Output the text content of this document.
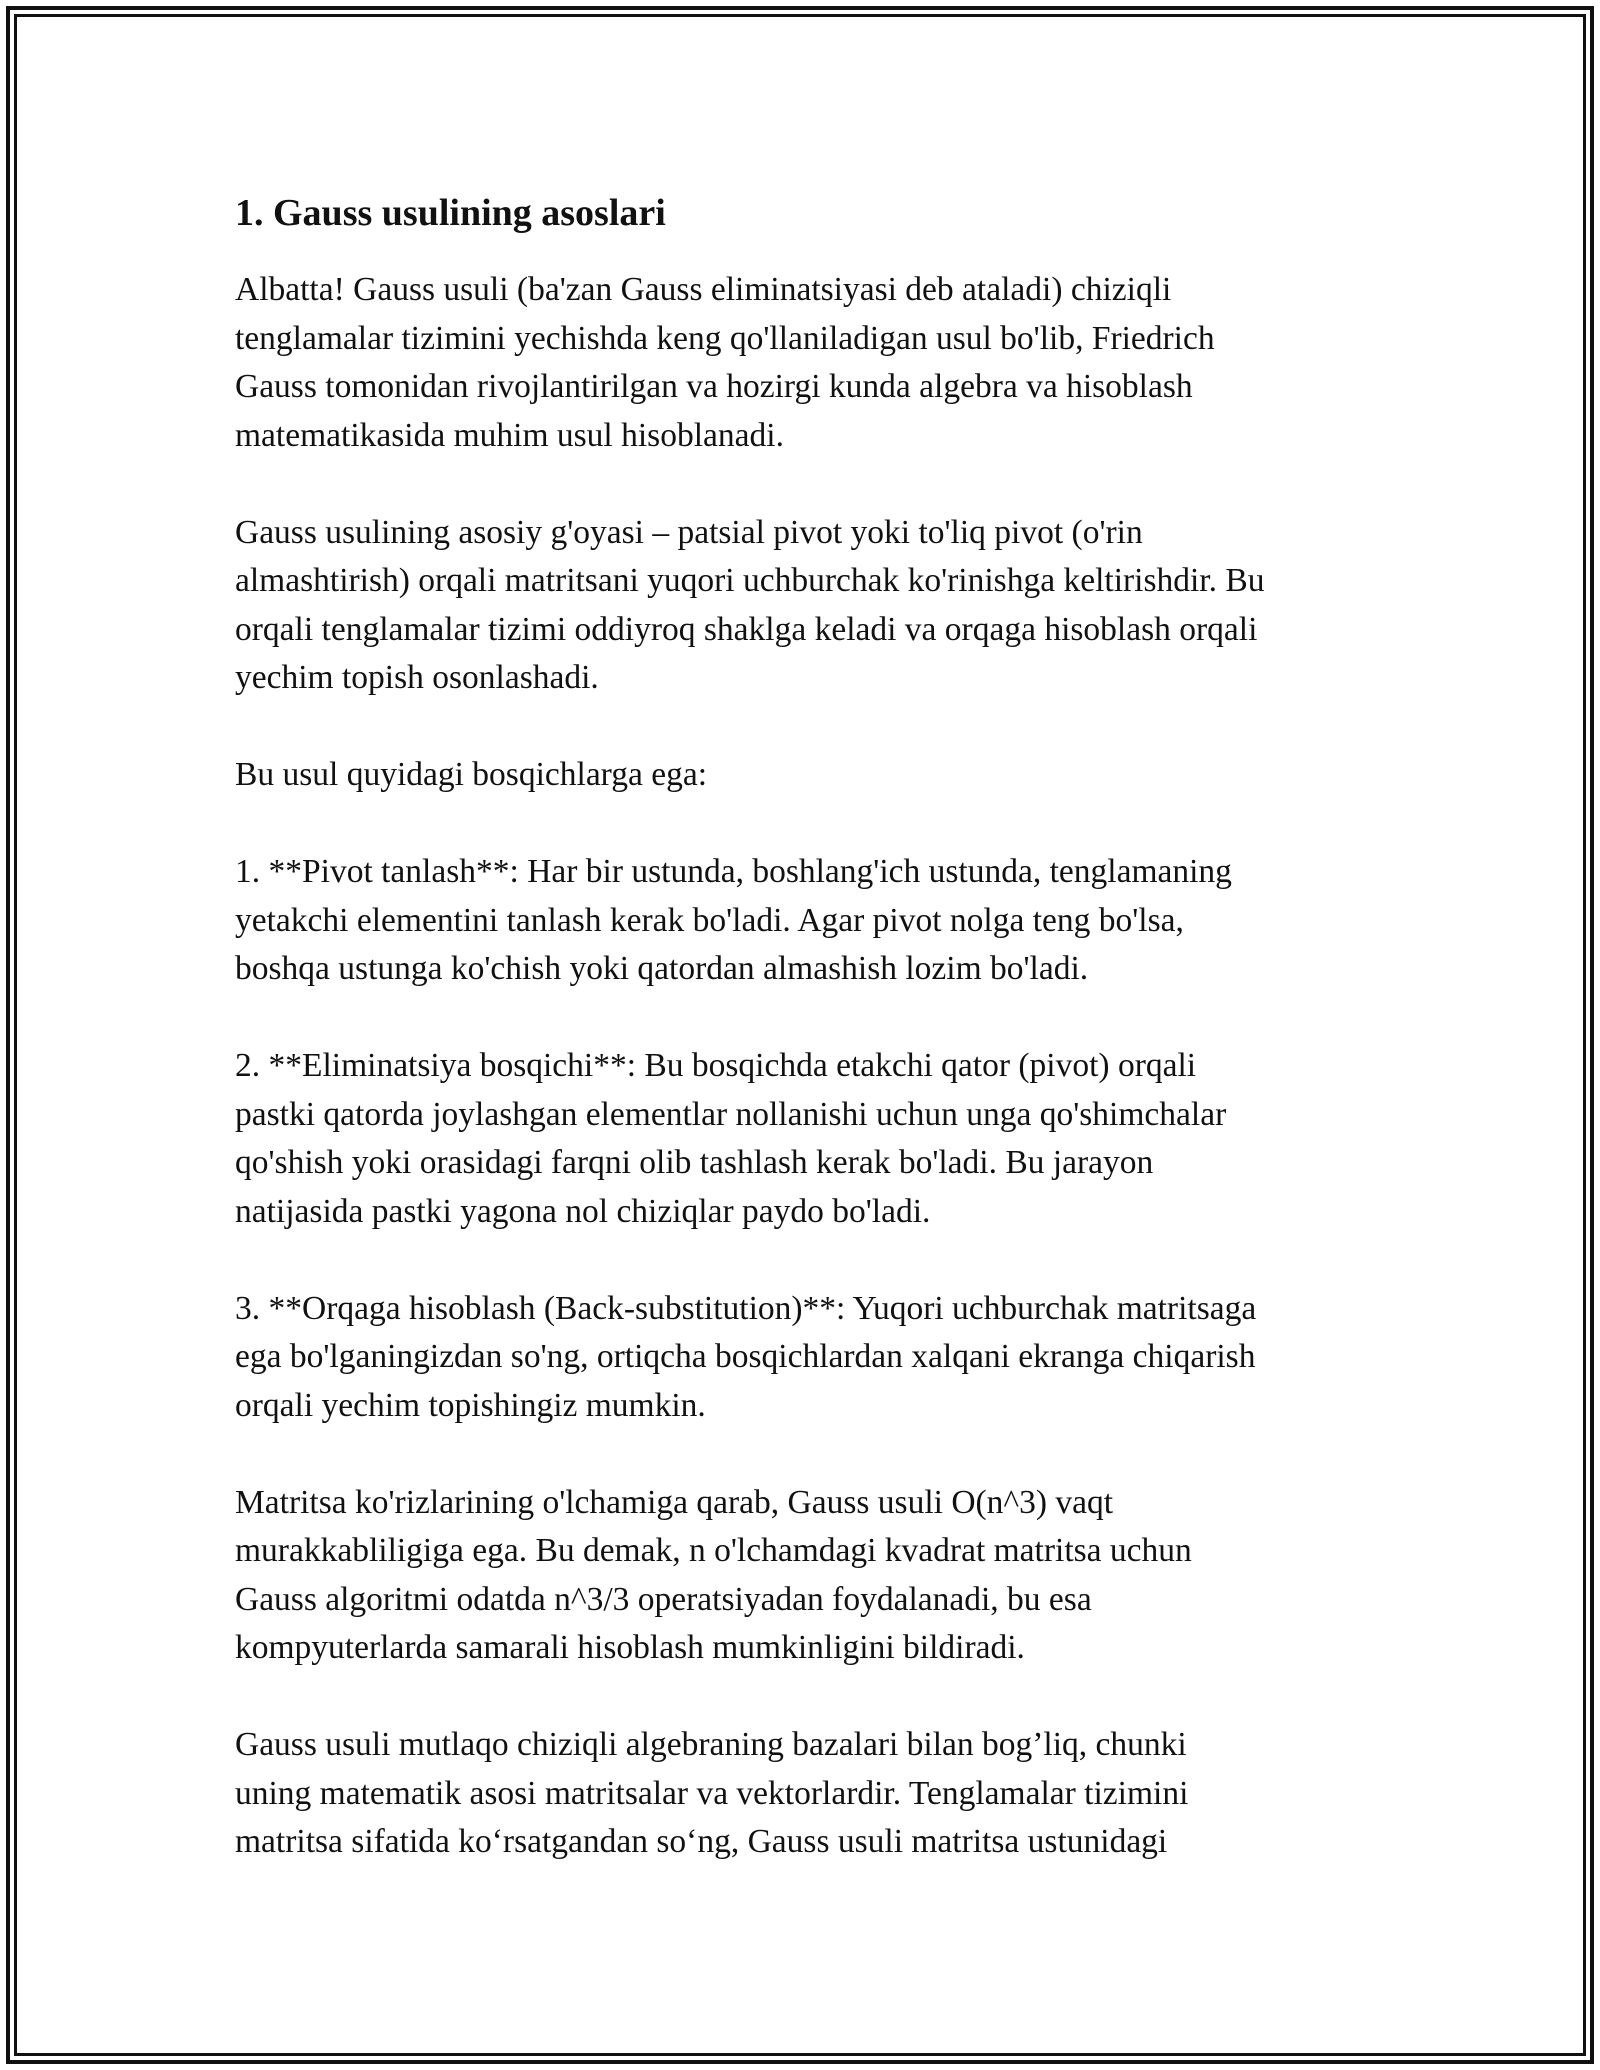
1. Gauss usulining asoslari
Albatta! Gauss usuli (ba'zan Gauss eliminatsiyasi deb ataladi) chiziqli
tenglamalar tizimini yechishda keng qo'llaniladigan usul bo'lib, Friedrich
Gauss tomonidan rivojlantirilgan va hozirgi kunda algebra va hisoblash
matematikasida muhim usul hisoblanadi.

Gauss usulining asosiy g'oyasi – patsial pivot yoki to'liq pivot (o'rin
almashtirish) orqali matritsani yuqori uchburchak ko'rinishga keltirishdir. Bu
orqali tenglamalar tizimi oddiyroq shaklga keladi va orqaga hisoblash orqali
yechim topish osonlashadi.

Bu usul quyidagi bosqichlarga ega:

1. **Pivot tanlash**: Har bir ustunda, boshlang'ich ustunda, tenglamaning
yetakchi elementini tanlash kerak bo'ladi. Agar pivot nolga teng bo'lsa,
boshqa ustunga ko'chish yoki qatordan almashish lozim bo'ladi.

2. **Eliminatsiya bosqichi**: Bu bosqichda etakchi qator (pivot) orqali
pastki qatorda joylashgan elementlar nollanishi uchun unga qo'shimchalar
qo'shish yoki orasidagi farqni olib tashlash kerak bo'ladi. Bu jarayon
natijasida pastki yagona nol chiziqlar paydo bo'ladi.

3. **Orqaga hisoblash (Back-substitution)**: Yuqori uchburchak matritsaga
ega bo'lganingizdan so'ng, ortiqcha bosqichlardan xalqani ekranga chiqarish
orqali yechim topishingiz mumkin.

Matritsa ko'rizlarining o'lchamiga qarab, Gauss usuli O(n^3) vaqt
murakkabliligiga ega. Bu demak, n o'lchamdagi kvadrat matritsa uchun
Gauss algoritmi odatda n^3/3 operatsiyadan foydalanadi, bu esa
kompyuterlarda samarali hisoblash mumkinligini bildiradi.

Gauss usuli mutlaqo chiziqli algebraning bazalari bilan bog’liq, chunki
uning matematik asosi matritsalar va vektorlardir. Tenglamalar tizimini
matritsa sifatida ko‘rsatgandan so‘ng, Gauss usuli matritsa ustunidagi
